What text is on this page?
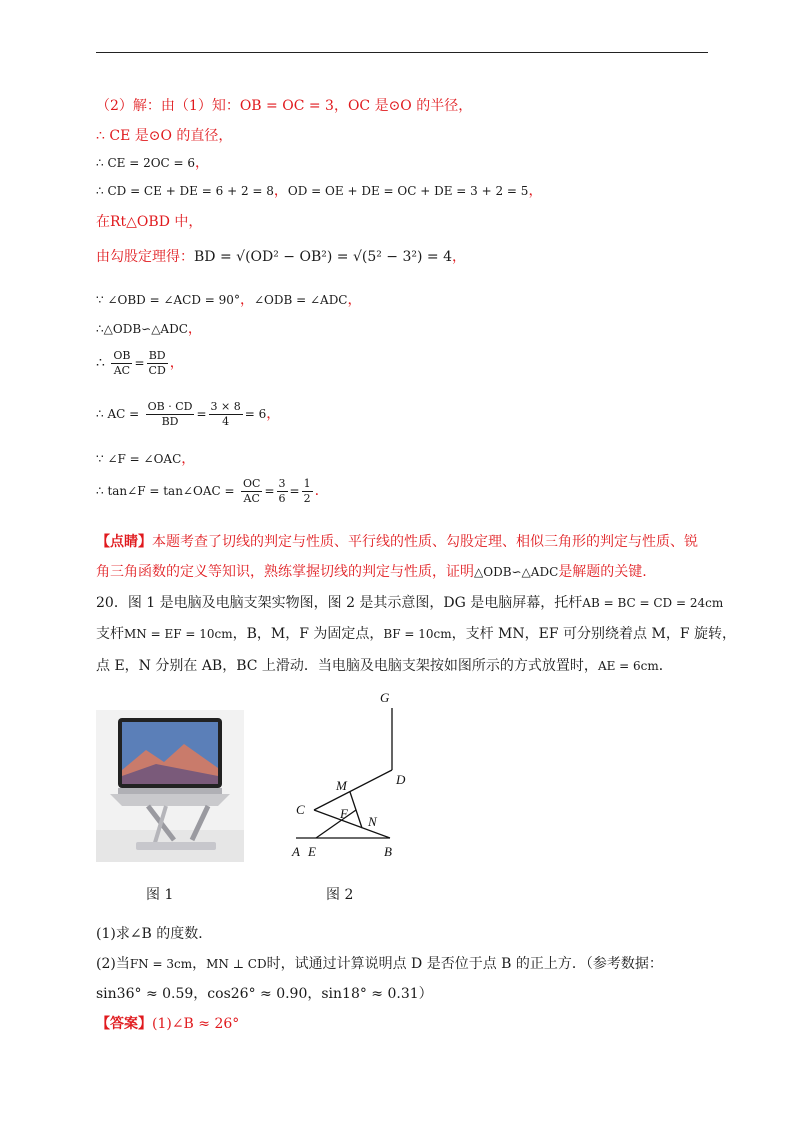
（2）解：由（1）知：OB = OC = 3，OC 是⊙O 的半径，
∴ CE 是⊙O 的直径，
∴ CE = 2OC = 6，
∴ CD = CE + DE = 6 + 2 = 8，OD = OE + DE = OC + DE = 3 + 2 = 5，
在Rt△OBD 中，
由勾股定理得：BD = √(OD² − OB²) = √(5² − 3²) = 4，
∵ ∠OBD = ∠ACD = 90°，∠ODB = ∠ADC，
∴△ODB∽△ADC，
∴ $\frac{OB}{AC} = \frac{BD}{CD}$ ，
∴ AC = $\frac{OB \cdot CD}{BD} = \frac{3 \times 8}{4} = 6$，
∵ ∠F = ∠OAC，
∴ tan∠F = tan∠OAC = $\frac{OC}{AC} = \frac{3}{6} = \frac{1}{2}$ .
【点睛】本题考查了切线的判定与性质、平行线的性质、勾股定理、相似三角形的判定与性质、锐
角三角函数的定义等知识，熟练掌握切线的判定与性质，证明△ODB∽△ADC是解题的关键.
20．图 1 是电脑及电脑支架实物图，图 2 是其示意图，DG 是电脑屏幕，托杆AB = BC = CD = 24cm
支杆MN = EF = 10cm，B，M，F 为固定点，BF = 10cm，支杆 MN，EF 可分别绕着点 M，F 旋转，
点 E，N 分别在 AB，BC 上滑动．当电脑及电脑支架按如图所示的方式放置时，AE = 6cm．
G
D
M
C	F
N
A E	B
图 1	图 2
(1)求∠B 的度数．
(2)当FN = 3cm，MN ⊥ CD时，试通过计算说明点 D 是否位于点 B 的正上方．（参考数据：
sin36° ≈ 0.59，cos26° ≈ 0.90，sin18° ≈ 0.31）
【答案】(1)∠B ≈ 26°
